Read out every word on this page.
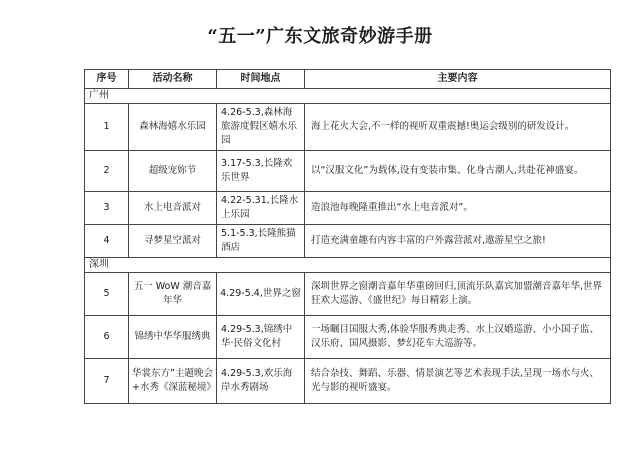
“五一”广东文旅奇妙游手册
序号	活动名称	时间地点	主要内容
广州			
1	森林海嬉水乐园	4.26-5.3,森林海旅游度假区嬉水乐园	海上花火大会,不一样的视听双重震撼!奥运会级别的研发设计。
2	超级宠妳节	3.17-5.3,长隆欢乐世界	以“汉服文化”为载体,设有变装市集、化身古潮人,共赴花神盛宴。
3	水上电音派对	4.22-5.31,长隆水上乐园	造浪池每晚隆重推出“水上电音派对”。
4	寻梦星空派对	5.1-5.3,长隆熊猫酒店	打造充满童趣有内容丰富的户外露营派对,遨游星空之旅!
深圳			
5	五一 WoW 潮音嘉年华	4.29-5.4,世界之窗	深圳世界之窗潮音嘉年华重磅回归,顶流乐队嘉宾加盟潮音嘉年华,世界狂欢大巡游、《盛世纪》每日精彩上演。
6	锦绣中华华服绣典	4.29-5.3,锦绣中华·民俗文化村	一场瞩目国服大秀,体验华服秀典走秀、水上汉婚巡游、小小国子监、汉乐府、国风摄影、梦幻花车大巡游等。
7	华裳东方”主题晚会+水秀《深蓝秘境》	4.29-5.3,欢乐海岸水秀剧场	结合杂技、舞蹈、乐器、情景演艺等艺术表现手法,呈现一场水与火、光与影的视听盛宴。
